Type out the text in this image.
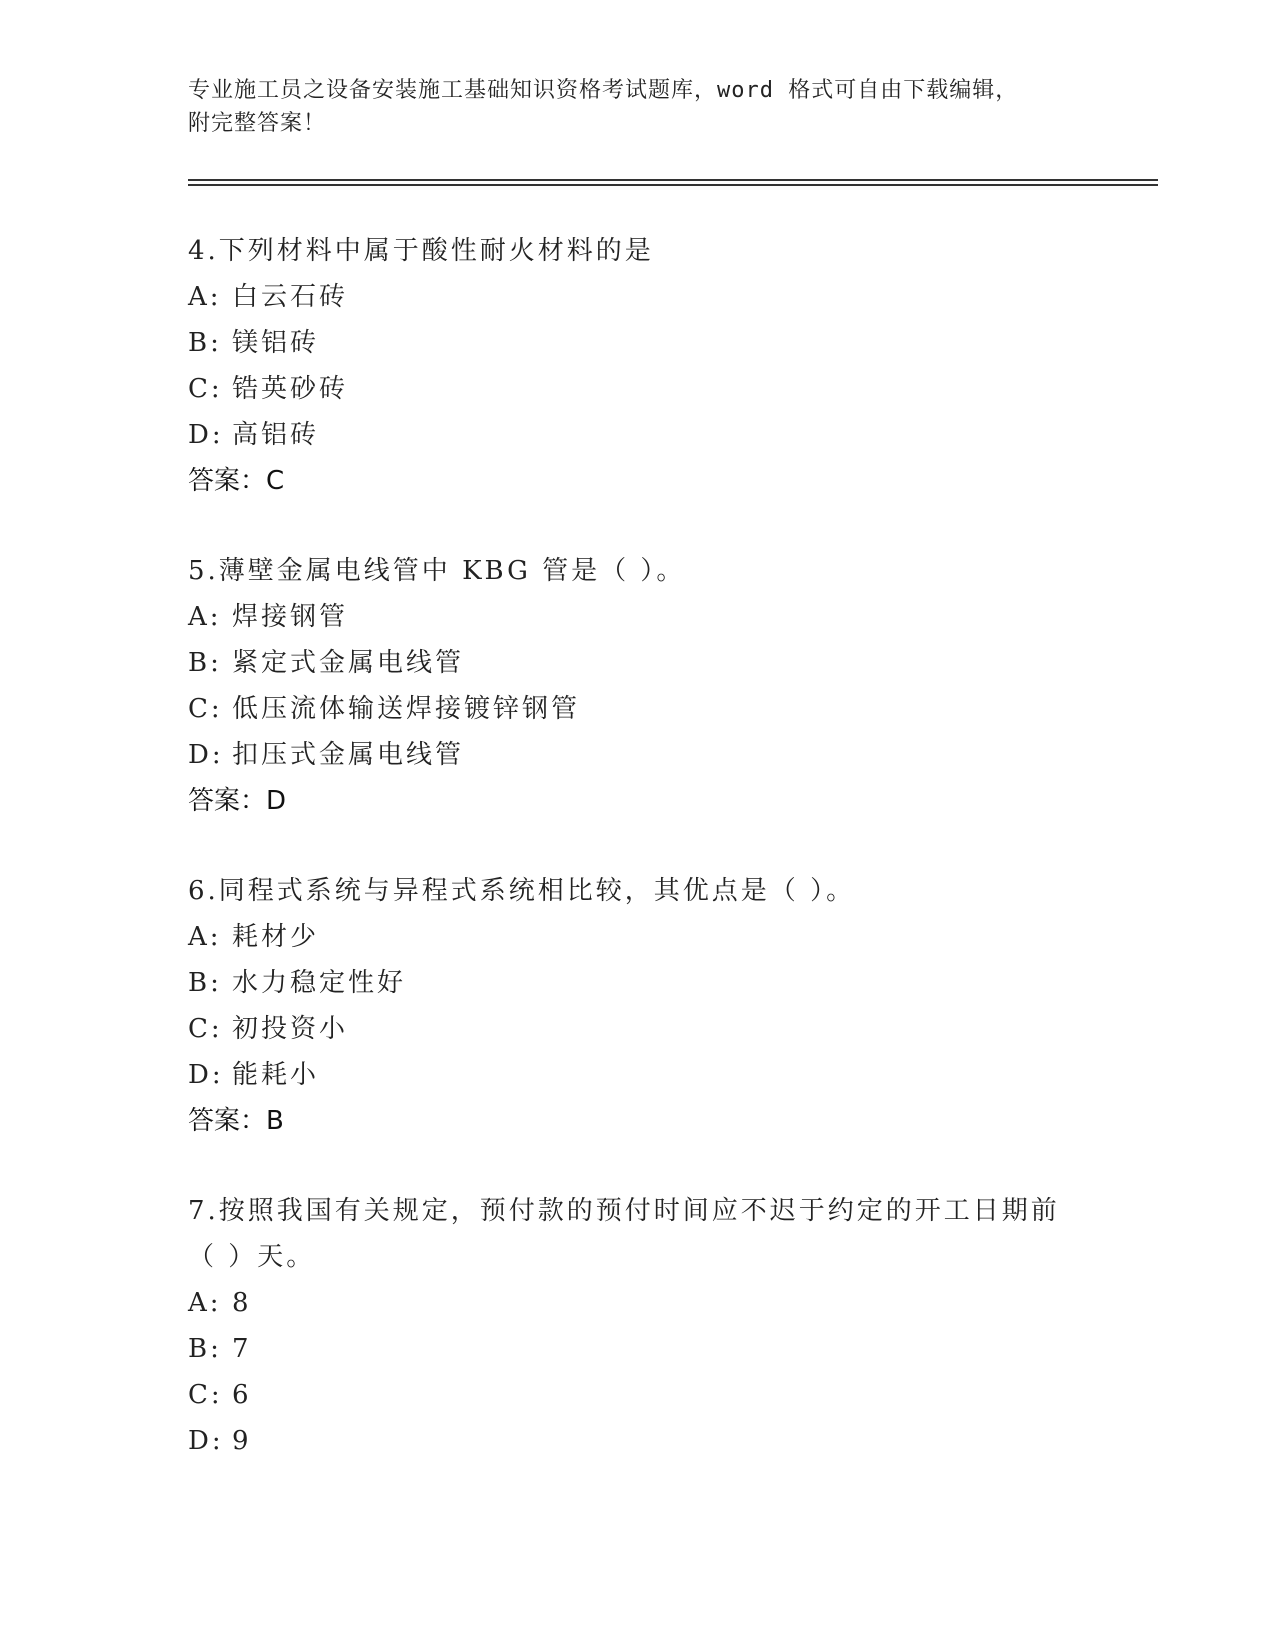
专业施工员之设备安装施工基础知识资格考试题库，word 格式可自由下载编辑，
附完整答案！
4.下列材料中属于酸性耐火材料的是
A: 白云石砖
B: 镁铝砖
C: 锆英砂砖
D: 高铝砖
答案：C
5.薄壁金属电线管中 KBG 管是（ ）。
A: 焊接钢管
B: 紧定式金属电线管
C: 低压流体输送焊接镀锌钢管
D: 扣压式金属电线管
答案：D
6.同程式系统与异程式系统相比较，其优点是（ ）。
A: 耗材少
B: 水力稳定性好
C: 初投资小
D: 能耗小
答案：B
7.按照我国有关规定，预付款的预付时间应不迟于约定的开工日期前
（ ）天。
A: 8
B: 7
C: 6
D: 9
